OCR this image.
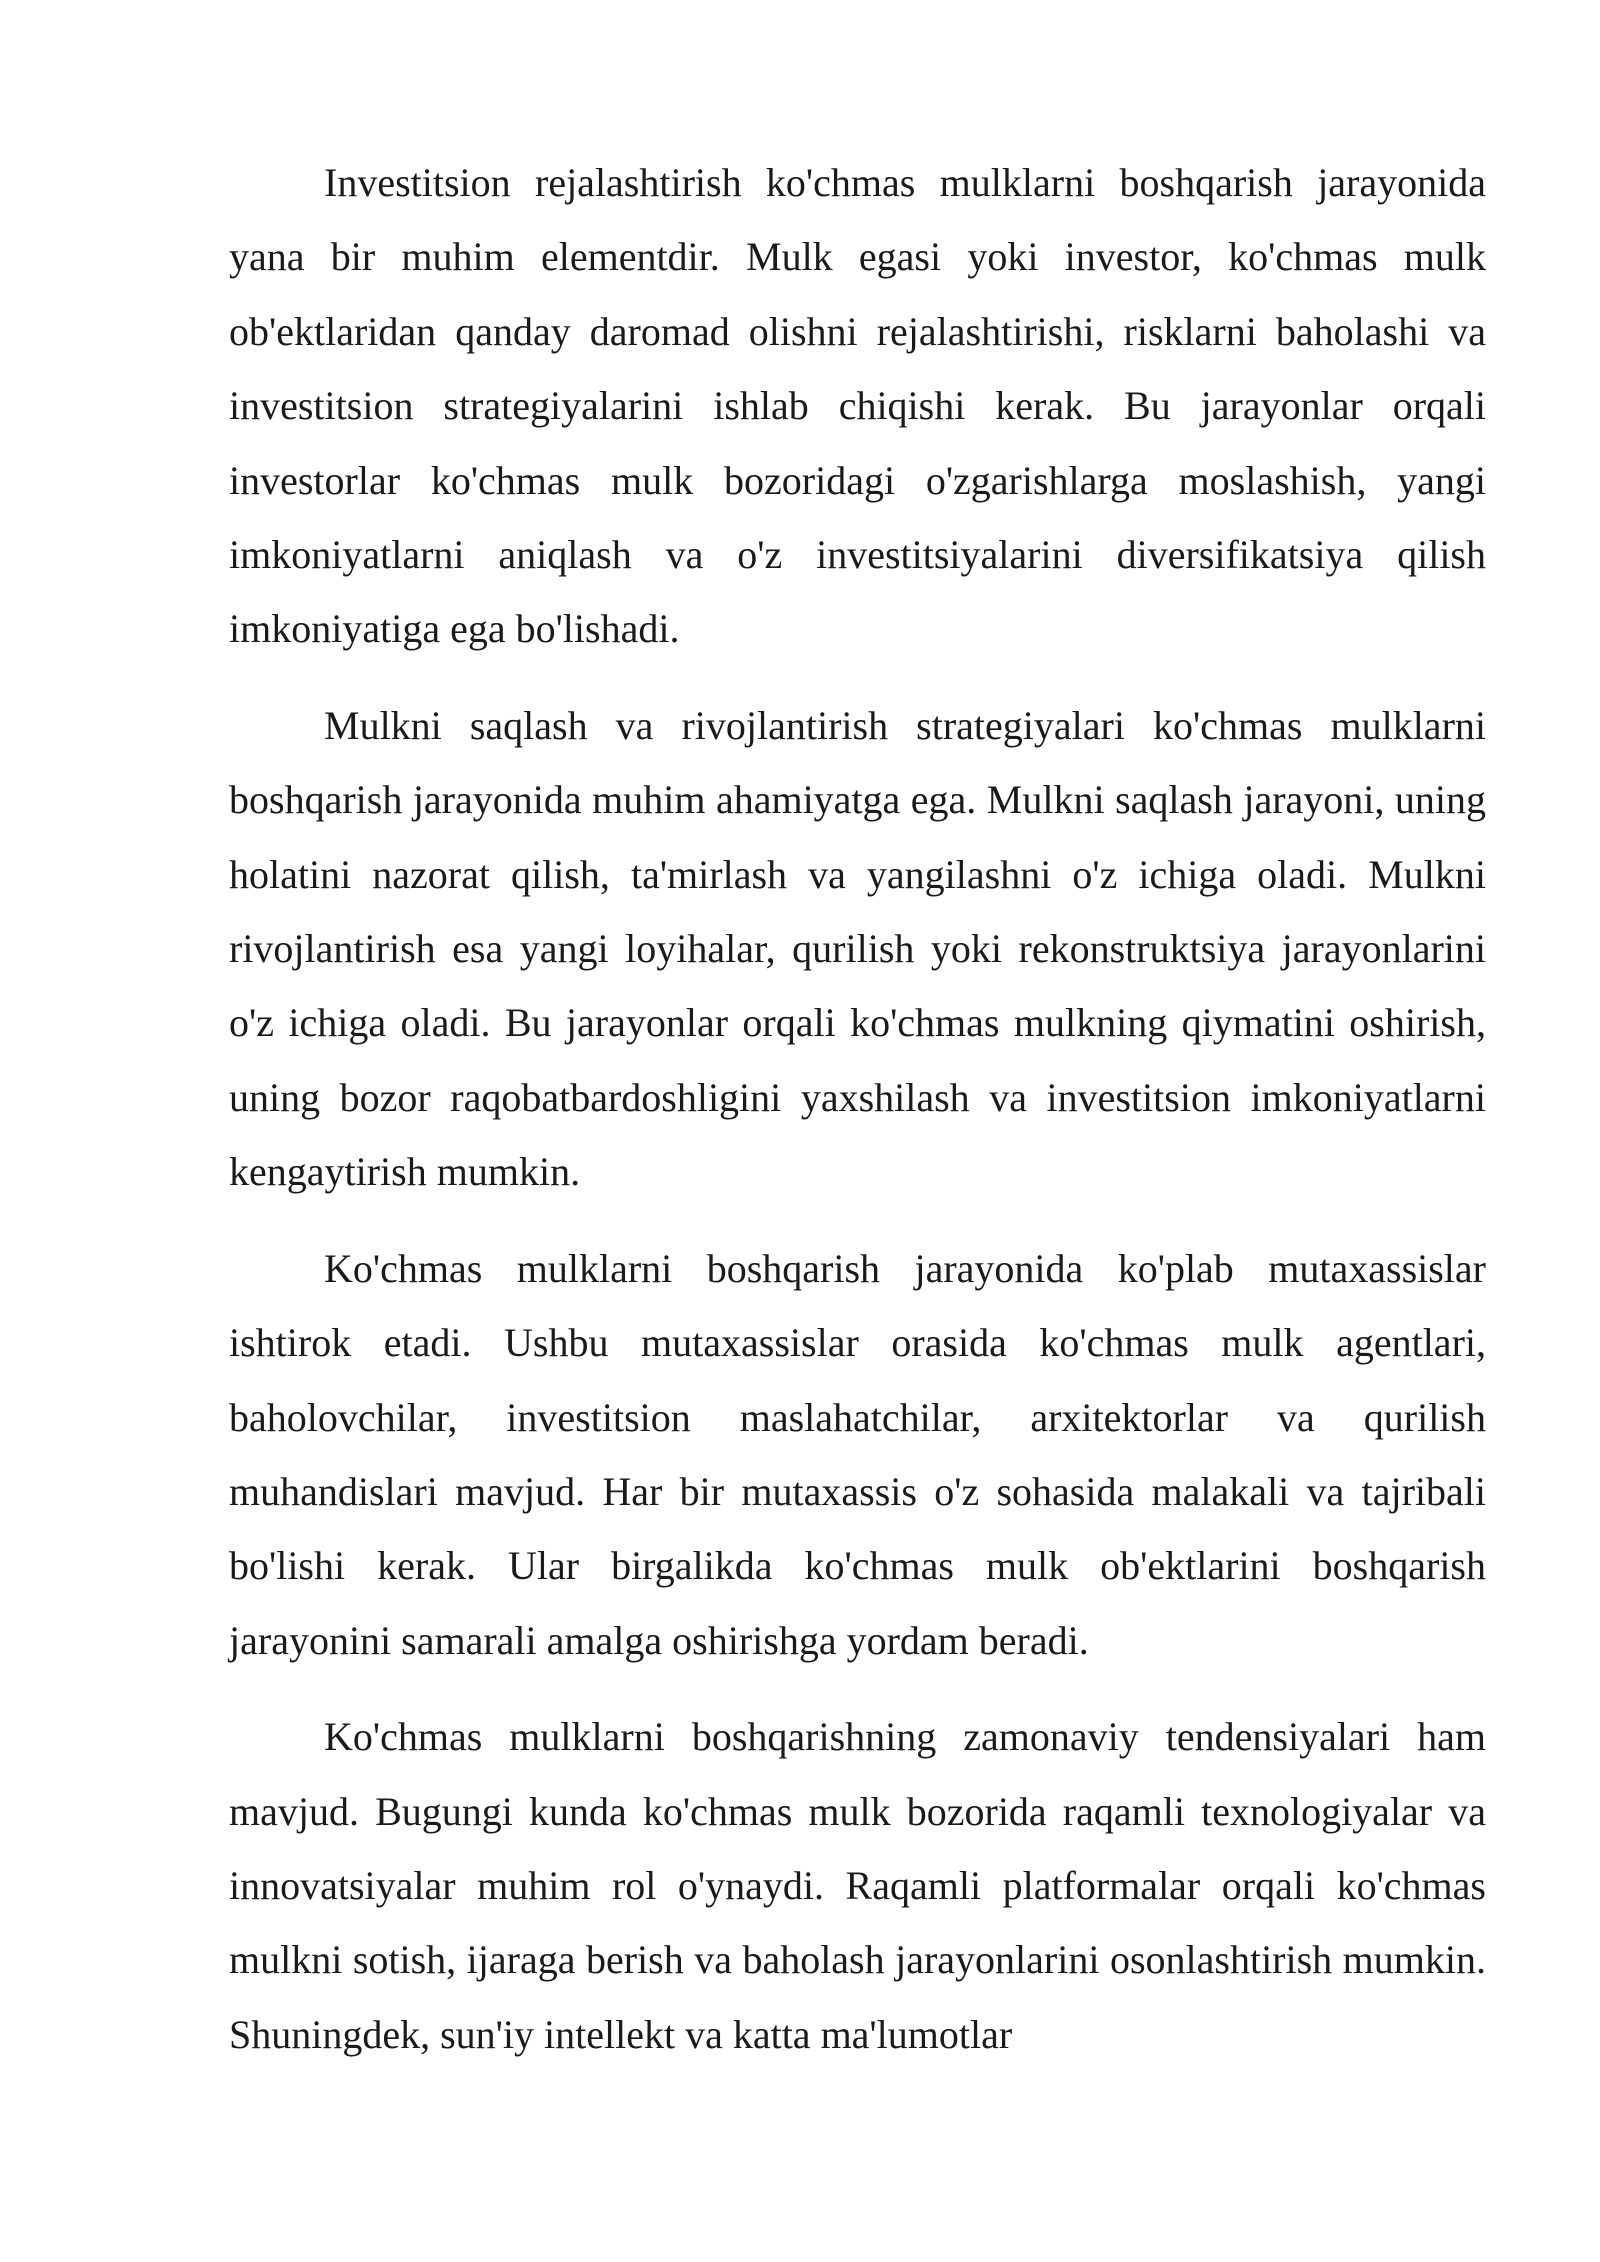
Investitsion rejalashtirish ko'chmas mulklarni boshqarish jarayonida yana bir muhim elementdir. Mulk egasi yoki investor, ko'chmas mulk ob'ektlaridan qanday daromad olishni rejalashtirishi, risklarni baholashi va investitsion strategiyalarini ishlab chiqishi kerak. Bu jarayonlar orqali investorlar ko'chmas mulk bozoridagi o'zgarishlarga moslashish, yangi imkoniyatlarni aniqlash va o'z investitsiyalarini diversifikatsiya qilish imkoniyatiga ega bo'lishadi.

Mulkni saqlash va rivojlantirish strategiyalari ko'chmas mulklarni boshqarish jarayonida muhim ahamiyatga ega. Mulkni saqlash jarayoni, uning holatini nazorat qilish, ta'mirlash va yangilashni o'z ichiga oladi. Mulkni rivojlantirish esa yangi loyihalar, qurilish yoki rekonstruktsiya jarayonlarini o'z ichiga oladi. Bu jarayonlar orqali ko'chmas mulkning qiymatini oshirish, uning bozor raqobatbardoshligini yaxshilash va investitsion imkoniyatlarni kengaytirish mumkin.

Ko'chmas mulklarni boshqarish jarayonida ko'plab mutaxassislar ishtirok etadi. Ushbu mutaxassislar orasida ko'chmas mulk agentlari, baholovchilar, investitsion maslahatchilar, arxitektorlar va qurilish muhandislari mavjud. Har bir mutaxassis o'z sohasida malakali va tajribali bo'lishi kerak. Ular birgalikda ko'chmas mulk ob'ektlarini boshqarish jarayonini samarali amalga oshirishga yordam beradi.

Ko'chmas mulklarni boshqarishning zamonaviy tendensiyalari ham mavjud. Bugungi kunda ko'chmas mulk bozorida raqamli texnologiyalar va innovatsiyalar muhim rol o'ynaydi. Raqamli platformalar orqali ko'chmas mulkni sotish, ijaraga berish va baholash jarayonlarini osonlashtirish mumkin. Shuningdek, sun'iy intellekt va katta ma'lumotlar
